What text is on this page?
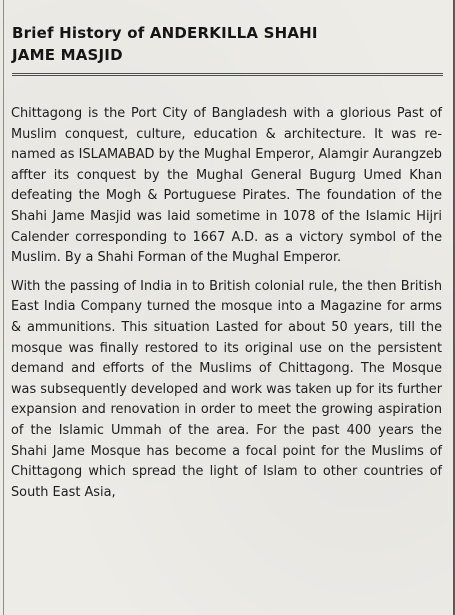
Brief History of ANDERKILLA SHAHI
JAME MASJID

Chittagong is the Port City of Bangladesh with a glorious Past of Muslim conquest, culture, education & architecture. It was re-named as ISLAMABAD by the Mughal Emperor, Alamgir Aurangzeb affter its conquest by the Mughal General Bugurg Umed Khan defeating the Mogh & Portuguese Pirates. The foundation of the Shahi Jame Masjid was laid sometime in 1078 of the Islamic Hijri Calender corresponding to 1667 A.D. as a victory symbol of the Muslim. By a Shahi Forman of the Mughal Emperor.

With the passing of India in to British colonial rule, the then British East India Company turned the mosque into a Magazine for arms & ammunitions. This situation Lasted for about 50 years, till the mosque was finally restored to its original use on the persistent demand and efforts of the Muslims of Chittagong. The Mosque was subsequently developed and work was taken up for its further expansion and renovation in order to meet the growing aspiration of the Islamic Ummah of the area. For the past 400 years the Shahi Jame Mosque has become a focal point for the Muslims of Chittagong which spread the light of Islam to other countries of South East Asia,
